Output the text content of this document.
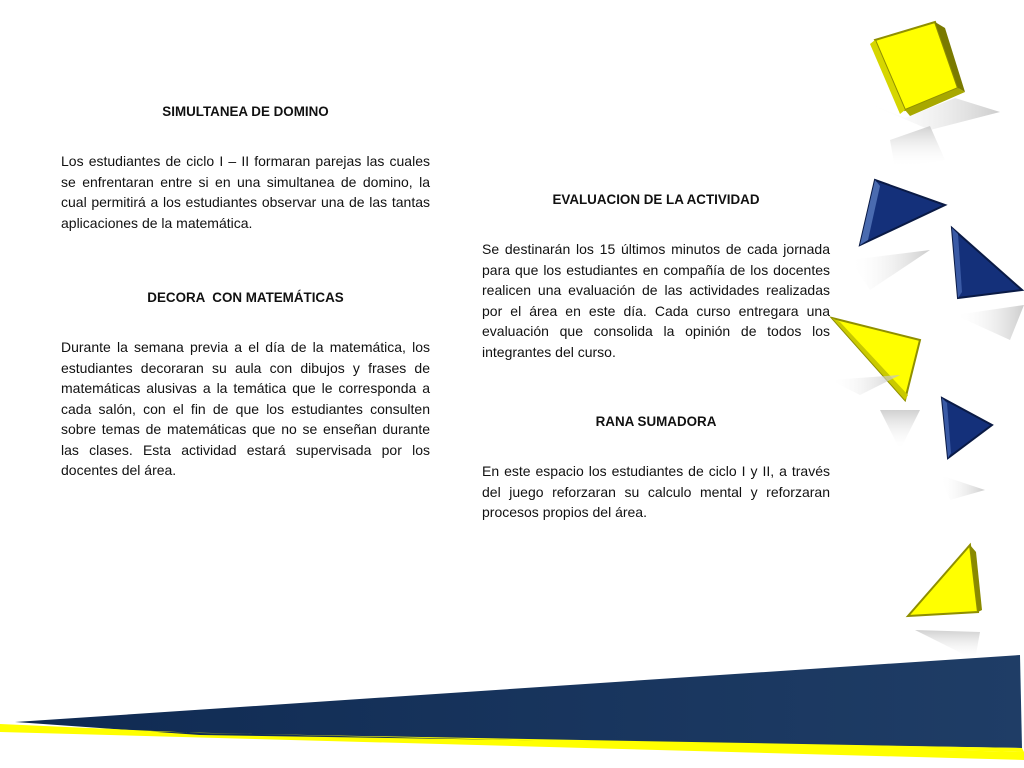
SIMULTANEA DE DOMINO

Los estudiantes de ciclo I – II formaran parejas las cuales se enfrentaran entre si en una simultanea de domino, la cual permitirá a los estudiantes observar una de las tantas aplicaciones de la matemática.

DECORA  CON MATEMÁTICAS

Durante la semana previa a el día de la matemática, los estudiantes decoraran su aula con dibujos y frases de matemáticas alusivas a la temática que le corresponda a cada salón, con el fin de que los estudiantes consulten sobre temas de matemáticas que no se enseñan durante las clases. Esta actividad estará supervisada por los docentes del área.

EVALUACION DE LA ACTIVIDAD

Se destinarán los 15 últimos minutos de cada jornada para que los estudiantes en compañía de los docentes realicen una evaluación de las actividades realizadas por el área en este día. Cada curso entregara una evaluación que consolida la opinión de todos los integrantes del curso.

RANA SUMADORA

En este espacio los estudiantes de ciclo I y II, a través del juego reforzaran su calculo mental y reforzaran procesos propios del área.
